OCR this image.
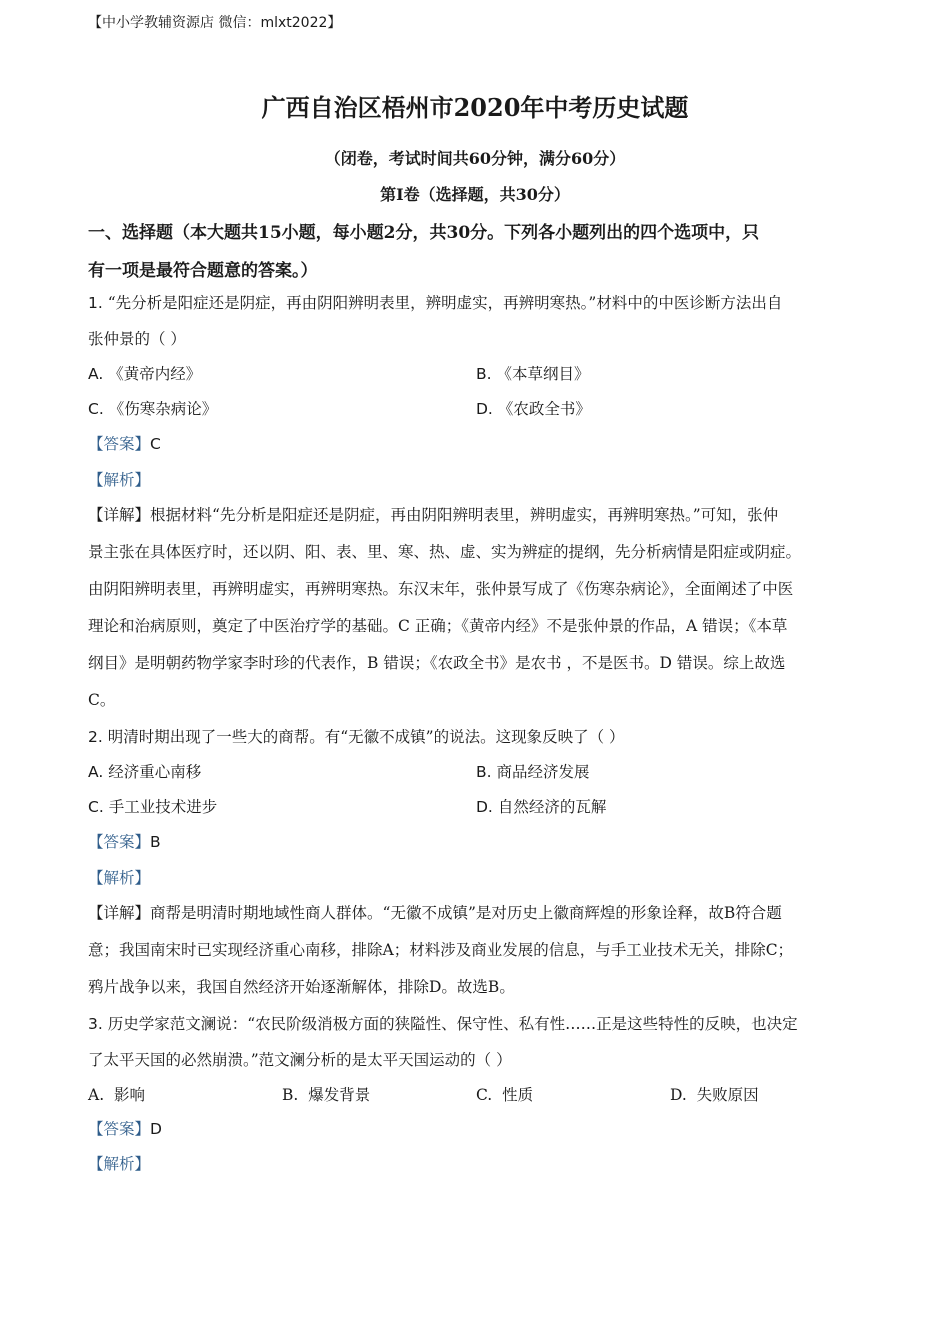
【中小学教辅资源店 微信：mlxt2022】
广西自治区梧州市2020年中考历史试题
（闭卷，考试时间共60分钟，满分60分）
第Ⅰ卷（选择题，共30分）
一、选择题（本大题共15小题，每小题2分，共30分。下列各小题列出的四个选项中，只
有一项是最符合题意的答案。）
1. “先分析是阳症还是阴症，再由阴阳辨明表里，辨明虚实，再辨明寒热。”材料中的中医诊断方法出自
张仲景的（ ）
A. 《黄帝内经》	B. 《本草纲目》
C. 《伤寒杂病论》	D. 《农政全书》
【答案】C
【解析】
【详解】根据材料“先分析是阳症还是阴症，再由阴阳辨明表里，辨明虚实，再辨明寒热。”可知，张仲
景主张在具体医疗时，还以阴、阳、表、里、寒、热、虚、实为辨症的提纲，先分析病情是阳症或阴症。
由阴阳辨明表里，再辨明虚实，再辨明寒热。东汉末年，张仲景写成了《伤寒杂病论》，全面阐述了中医
理论和治病原则，奠定了中医治疗学的基础。C 正确；《黄帝内经》不是张仲景的作品，A 错误；《本草
纲目》是明朝药物学家李时珍的代表作，B 错误；《农政全书》是农书 ，不是医书。D 错误。综上故选
C。
2. 明清时期出现了一些大的商帮。有“无徽不成镇”的说法。这现象反映了（ ）
A. 经济重心南移	B. 商品经济发展
C. 手工业技术进步	D. 自然经济的瓦解
【答案】B
【解析】
【详解】商帮是明清时期地域性商人群体。“无徽不成镇”是对历史上徽商辉煌的形象诠释，故B符合题
意；我国南宋时已实现经济重心南移，排除A；材料涉及商业发展的信息，与手工业技术无关，排除C；
鸦片战争以来，我国自然经济开始逐渐解体，排除D。故选B。
3. 历史学家范文澜说：“农民阶级消极方面的狭隘性、保守性、私有性……正是这些特性的反映，也决定
了太平天国的必然崩溃。”范文澜分析的是太平天国运动的（ ）
A. 影响	B. 爆发背景	C. 性质	D. 失败原因
【答案】D
【解析】
